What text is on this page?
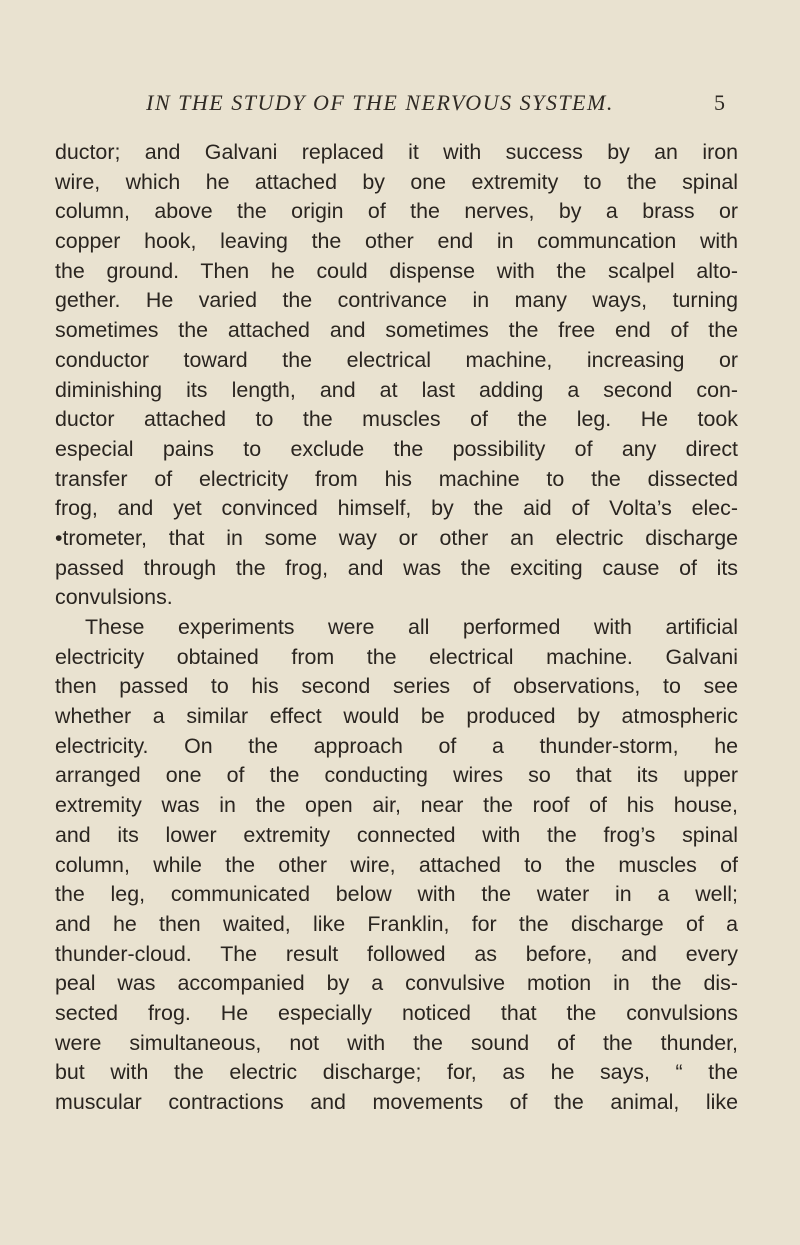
IN THE STUDY OF THE NERVOUS SYSTEM.	5
ductor; and Galvani replaced it with success by an iron
wire, which he attached by one extremity to the spinal
column, above the origin of the nerves, by a brass or
copper hook, leaving the other end in communcation with
the ground. Then he could dispense with the scalpel alto-
gether. He varied the contrivance in many ways, turning
sometimes the attached and sometimes the free end of the
conductor toward the electrical machine, increasing or
diminishing its length, and at last adding a second con-
ductor attached to the muscles of the leg. He took
especial pains to exclude the possibility of any direct
transfer of electricity from his machine to the dissected
frog, and yet convinced himself, by the aid of Volta’s elec-
•trometer, that in some way or other an electric discharge
passed through the frog, and was the exciting cause of its
convulsions.
These experiments were all performed with artificial
electricity obtained from the electrical machine. Galvani
then passed to his second series of observations, to see
whether a similar effect would be produced by atmospheric
electricity. On the approach of a thunder-storm, he
arranged one of the conducting wires so that its upper
extremity was in the open air, near the roof of his house,
and its lower extremity connected with the frog’s spinal
column, while the other wire, attached to the muscles of
the leg, communicated below with the water in a well;
and he then waited, like Franklin, for the discharge of a
thunder-cloud. The result followed as before, and every
peal was accompanied by a convulsive motion in the dis-
sected frog. He especially noticed that the convulsions
were simultaneous, not with the sound of the thunder,
but with the electric discharge; for, as he says, “ the
muscular contractions and movements of the animal, like
